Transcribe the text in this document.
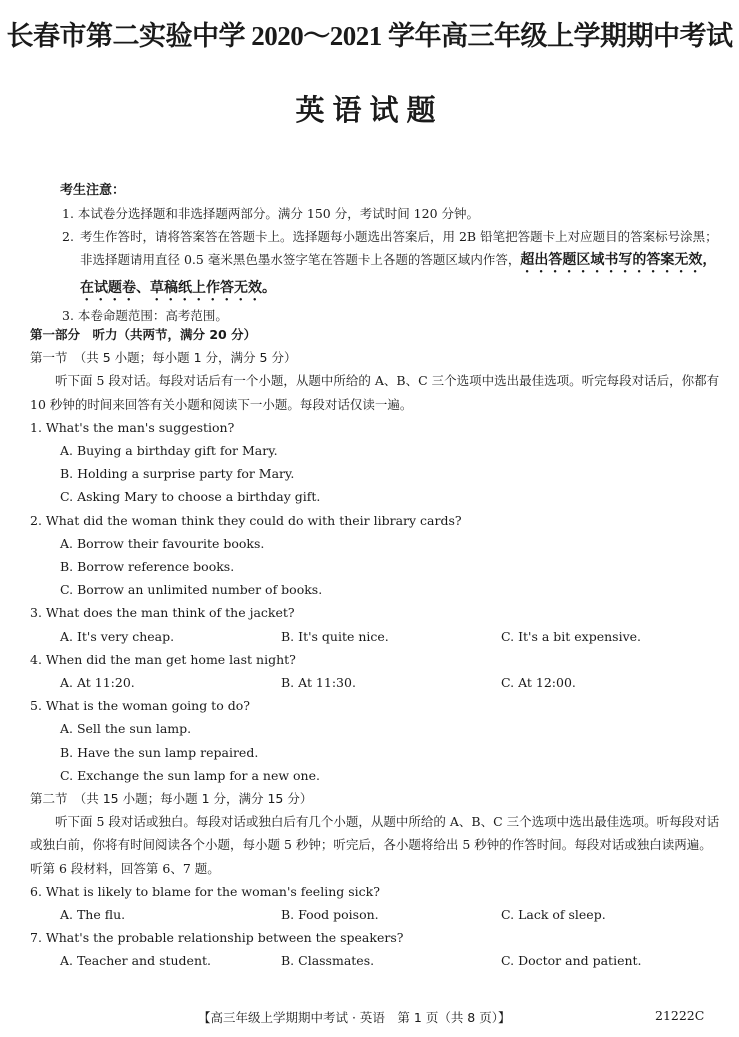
长春市第二实验中学 2020～2021 学年高三年级上学期期中考试
英语试题
考生注意：
1. 本试卷分选择题和非选择题两部分。满分 150 分，考试时间 120 分钟。
2. 考生作答时，请将答案答在答题卡上。选择题每小题选出答案后，用 2B 铅笔把答题卡上对应题目的答案标号涂黑；非选择题请用直径 0.5 毫米黑色墨水签字笔在答题卡上各题的答题区域内作答，超出答题区域书写的答案无效，在试题卷、草稿纸上作答无效。
3. 本卷命题范围：高考范围。
第一部分　听力（共两节，满分 20 分）
第一节　（共 5 小题；每小题 1 分，满分 5 分）
听下面 5 段对话。每段对话后有一个小题，从题中所给的 A、B、C 三个选项中选出最佳选项。听完每段对话后，你都有 10 秒钟的时间来回答有关小题和阅读下一小题。每段对话仅读一遍。
1. What's the man's suggestion?
A. Buying a birthday gift for Mary.
B. Holding a surprise party for Mary.
C. Asking Mary to choose a birthday gift.
2. What did the woman think they could do with their library cards?
A. Borrow their favourite books.
B. Borrow reference books.
C. Borrow an unlimited number of books.
3. What does the man think of the jacket?
A. It's very cheap.	B. It's quite nice.	C. It's a bit expensive.
4. When did the man get home last night?
A. At 11:20.	B. At 11:30.	C. At 12:00.
5. What is the woman going to do?
A. Sell the sun lamp.
B. Have the sun lamp repaired.
C. Exchange the sun lamp for a new one.
第二节　（共 15 小题；每小题 1 分，满分 15 分）
听下面 5 段对话或独白。每段对话或独白后有几个小题，从题中所给的 A、B、C 三个选项中选出最佳选项。听每段对话或独白前，你将有时间阅读各个小题，每小题 5 秒钟；听完后，各小题将给出 5 秒钟的作答时间。每段对话或独白读两遍。
听第 6 段材料，回答第 6、7 题。
6. What is likely to blame for the woman's feeling sick?
A. The flu.	B. Food poison.	C. Lack of sleep.
7. What's the probable relationship between the speakers?
A. Teacher and student.	B. Classmates.	C. Doctor and patient.
【高三年级上学期期中考试 · 英语　第 1 页（共 8 页）】	21222C
